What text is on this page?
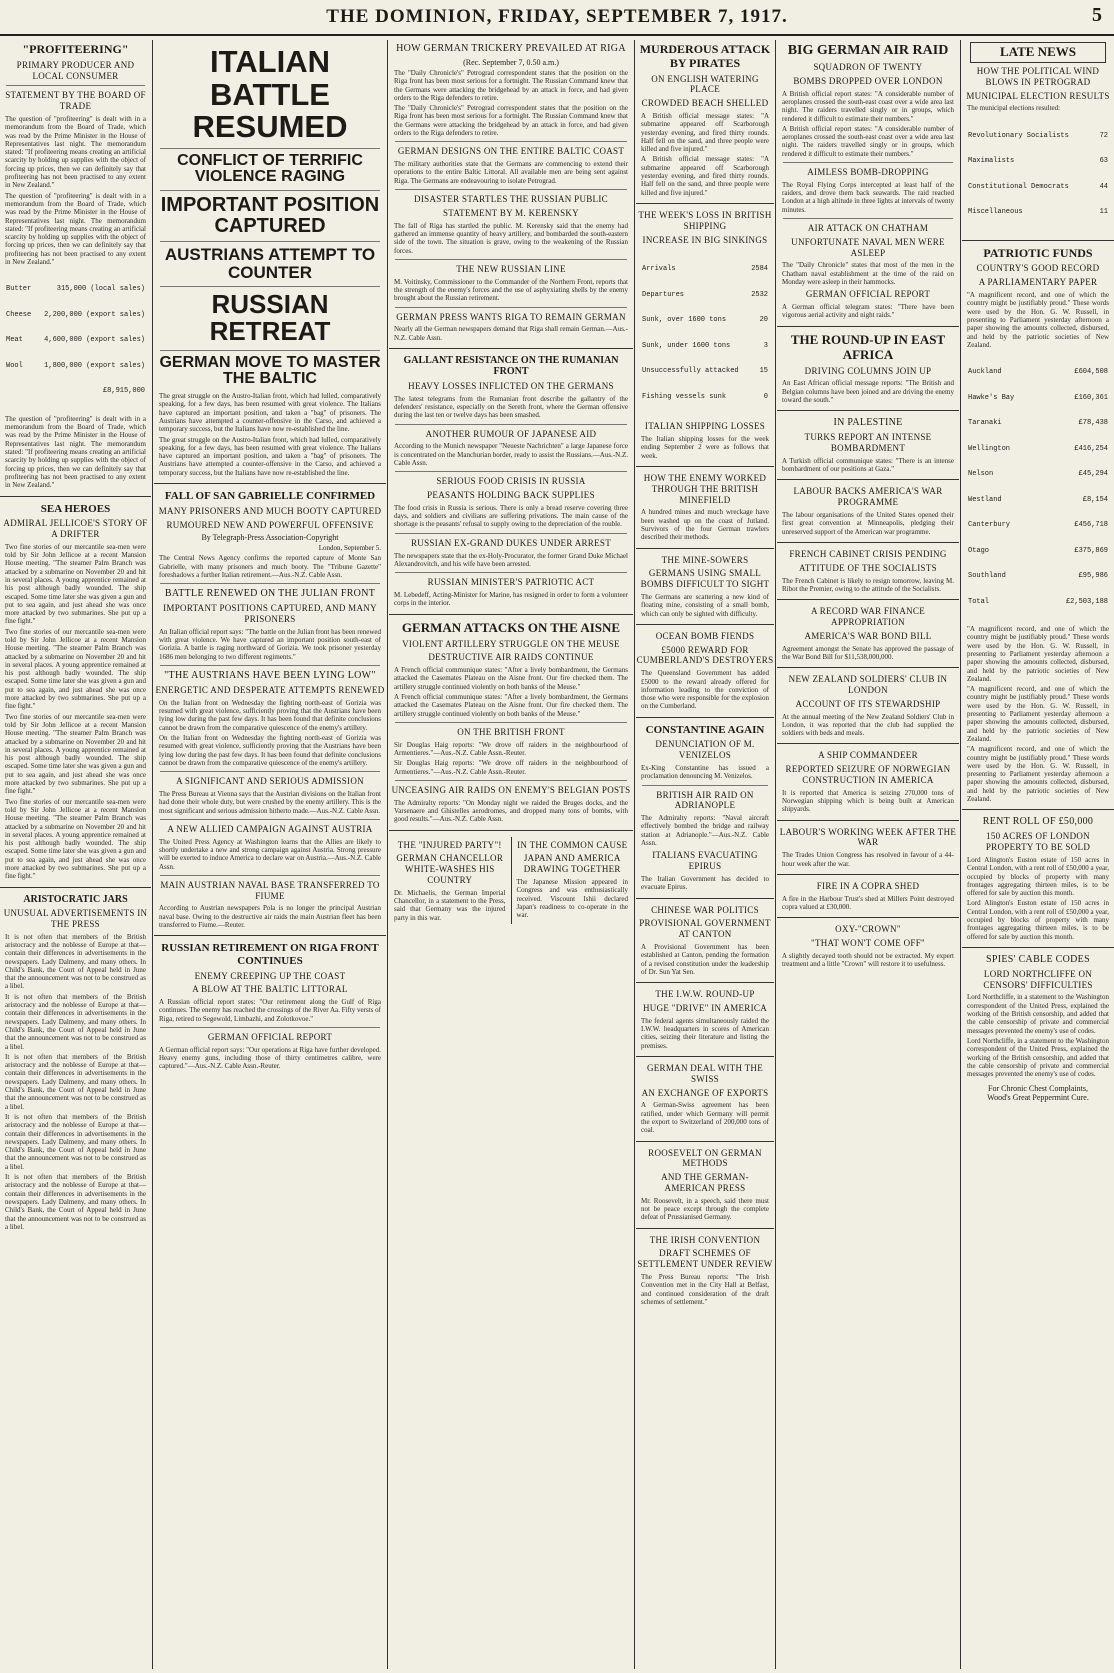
THE DOMINION, FRIDAY, SEPTEMBER 7, 1917.	5
"PROFITEERING"
PRIMARY PRODUCER AND LOCAL CONSUMER
STATEMENT BY THE BOARD OF TRADE
The question of "profiteering" is dealt with in a memorandum from the Board of Trade, which was read by the Prime Minister in the House of Representatives last night. The memorandum stated: "If profiteering means creating an artificial scarcity by holding up supplies with the object of forcing up prices, then we can definitely say that profiteering has not been practised to any extent in New Zealand."
The question of "profiteering" is dealt with in a memorandum from the Board of Trade, which was read by the Prime Minister in the House of Representatives last night. The memorandum stated: "If profiteering means creating an artificial scarcity by holding up supplies with the object of forcing up prices, then we can definitely say that profiteering has not been practised to any extent in New Zealand."

Butter	315,000 (local sales)

Cheese 2,200,000 (export sales)

Meat	4,600,000 (export sales)

Wool	1,800,000 (export sales)

£8,915,000

The question of "profiteering" is dealt with in a memorandum from the Board of Trade, which was read by the Prime Minister in the House of Representatives last night. The memorandum stated: "If profiteering means creating an artificial scarcity by holding up supplies with the object of forcing up prices, then we can definitely say that profiteering has not been practised to any extent in New Zealand."
SEA HEROES
ADMIRAL JELLICOE'S STORY OF A DRIFTER
Two fine stories of our mercantile sea-men were told by Sir John Jellicoe at a recent Mansion House meeting. "The steamer Palm Branch was attacked by a submarine on November 20 and hit in several places. A young apprentice remained at his post although badly wounded. The ship escaped. Some time later she was given a gun and put to sea again, and just ahead she was once more attacked by two submarines. She put up a fine fight."
Two fine stories of our mercantile sea-men were told by Sir John Jellicoe at a recent Mansion House meeting. "The steamer Palm Branch was attacked by a submarine on November 20 and hit in several places. A young apprentice remained at his post although badly wounded. The ship escaped. Some time later she was given a gun and put to sea again, and just ahead she was once more attacked by two submarines. She put up a fine fight."
Two fine stories of our mercantile sea-men were told by Sir John Jellicoe at a recent Mansion House meeting. "The steamer Palm Branch was attacked by a submarine on November 20 and hit in several places. A young apprentice remained at his post although badly wounded. The ship escaped. Some time later she was given a gun and put to sea again, and just ahead she was once more attacked by two submarines. She put up a fine fight."
Two fine stories of our mercantile sea-men were told by Sir John Jellicoe at a recent Mansion House meeting. "The steamer Palm Branch was attacked by a submarine on November 20 and hit in several places. A young apprentice remained at his post although badly wounded. The ship escaped. Some time later she was given a gun and put to sea again, and just ahead she was once more attacked by two submarines. She put up a fine fight."
ARISTOCRATIC JARS
UNUSUAL ADVERTISEMENTS IN THE PRESS
It is not often that members of the British aristocracy and the noblesse of Europe at that—contain their differences in advertisements in the newspapers. Lady Dalmeny, and many others. In Child's Bank, the Court of Appeal held in June that the announcement was not to be construed as a libel.
It is not often that members of the British aristocracy and the noblesse of Europe at that—contain their differences in advertisements in the newspapers. Lady Dalmeny, and many others. In Child's Bank, the Court of Appeal held in June that the announcement was not to be construed as a libel.
It is not often that members of the British aristocracy and the noblesse of Europe at that—contain their differences in advertisements in the newspapers. Lady Dalmeny, and many others. In Child's Bank, the Court of Appeal held in June that the announcement was not to be construed as a libel.
It is not often that members of the British aristocracy and the noblesse of Europe at that—contain their differences in advertisements in the newspapers. Lady Dalmeny, and many others. In Child's Bank, the Court of Appeal held in June that the announcement was not to be construed as a libel.
It is not often that members of the British aristocracy and the noblesse of Europe at that—contain their differences in advertisements in the newspapers. Lady Dalmeny, and many others. In Child's Bank, the Court of Appeal held in June that the announcement was not to be construed as a libel.
ITALIAN BATTLE RESUMED
CONFLICT OF TERRIFIC VIOLENCE RAGING
IMPORTANT POSITION CAPTURED
AUSTRIANS ATTEMPT TO COUNTER
RUSSIAN RETREAT
GERMAN MOVE TO MASTER THE BALTIC
The great struggle on the Austro-Italian front, which had lulled, comparatively speaking, for a few days, has been resumed with great violence. The Italians have captured an important position, and taken a "bag" of prisoners. The Austrians have attempted a counter-offensive in the Carso, and achieved a temporary success, but the Italians have now re-established the line.
The great struggle on the Austro-Italian front, which had lulled, comparatively speaking, for a few days, has been resumed with great violence. The Italians have captured an important position, and taken a "bag" of prisoners. The Austrians have attempted a counter-offensive in the Carso, and achieved a temporary success, but the Italians have now re-established the line.
FALL OF SAN GABRIELLE CONFIRMED
MANY PRISONERS AND MUCH BOOTY CAPTURED
RUMOURED NEW AND POWERFUL OFFENSIVE
By Telegraph-Press Association-Copyright
London, September 5.
The Central News Agency confirms the reported capture of Monte San Gabrielle, with many prisoners and much booty. The "Tribune Gazette" foreshadows a further Italian retirement.—Aus.-N.Z. Cable Assn.
BATTLE RENEWED ON THE JULIAN FRONT
IMPORTANT POSITIONS CAPTURED, AND MANY PRISONERS
An Italian official report says: "The battle on the Julian front has been renewed with great violence. We have captured an important position south-east of Gorizia. A battle is raging northward of Gorizia. We took prisoner yesterday 1686 men belonging to two different regiments."
"THE AUSTRIANS HAVE BEEN LYING LOW"
ENERGETIC AND DESPERATE ATTEMPTS RENEWED
On the Italian front on Wednesday the fighting north-east of Gorizia was resumed with great violence, sufficiently proving that the Austrians have been lying low during the past few days. It has been found that definite conclusions cannot be drawn from the comparative quiescence of the enemy's artillery.
On the Italian front on Wednesday the fighting north-east of Gorizia was resumed with great violence, sufficiently proving that the Austrians have been lying low during the past few days. It has been found that definite conclusions cannot be drawn from the comparative quiescence of the enemy's artillery.
A SIGNIFICANT AND SERIOUS ADMISSION
The Press Bureau at Vienna says that the Austrian divisions on the Italian front had done their whole duty, but were crushed by the enemy artillery. This is the most significant and serious admission hitherto made.—Aus.-N.Z. Cable Assn.
A NEW ALLIED CAMPAIGN AGAINST AUSTRIA
The United Press Agency at Washington learns that the Allies are likely to shortly undertake a new and strong campaign against Austria. Strong pressure will be exerted to induce America to declare war on Austria.—Aus.-N.Z. Cable Assn.
MAIN AUSTRIAN NAVAL BASE TRANSFERRED TO FIUME
According to Austrian newspapers Pola is no longer the principal Austrian naval base. Owing to the destructive air raids the main Austrian fleet has been transferred to Fiume.—Reuter.
RUSSIAN RETIREMENT ON RIGA FRONT CONTINUES
ENEMY CREEPING UP THE COAST
A BLOW AT THE BALTIC LITTORAL
A Russian official report states: "Our retirement along the Gulf of Riga continues. The enemy has reached the crossings of the River Aa. Fifty versts of Riga, retired to Segewold, Limbazhi, and Zolotkovoe."
GERMAN OFFICIAL REPORT
A German official report says: "Our operations at Riga have further developed. Heavy enemy guns, including those of thirty centimetres calibre, were captured."—Aus.-N.Z. Cable Assn.-Reuter.
HOW GERMAN TRICKERY PREVAILED AT RIGA
(Rec. September 7, 0.50 a.m.)
The "Daily Chronicle's" Petrograd correspondent states that the position on the Riga front has been most serious for a fortnight. The Russian Command knew that the Germans were attacking the bridgehead by an attack in force, and had given orders to the Riga defenders to retire.
The "Daily Chronicle's" Petrograd correspondent states that the position on the Riga front has been most serious for a fortnight. The Russian Command knew that the Germans were attacking the bridgehead by an attack in force, and had given orders to the Riga defenders to retire.
GERMAN DESIGNS ON THE ENTIRE BALTIC COAST
The military authorities state that the Germans are commencing to extend their operations to the entire Baltic Littoral. All available men are being sent against Riga. The Germans are endeavouring to isolate Petrograd.
DISASTER STARTLES THE RUSSIAN PUBLIC
STATEMENT BY M. KERENSKY
The fall of Riga has startled the public. M. Kerensky said that the enemy had gathered an immense quantity of heavy artillery, and bombarded the south-eastern side of the town. The situation is grave, owing to the weakening of the Russian forces.
THE NEW RUSSIAN LINE
M. Voitinsky, Commissioner to the Commander of the Northern Front, reports that the strength of the enemy's forces and the use of asphyxiating shells by the enemy brought about the Russian retirement.
GERMAN PRESS WANTS RIGA TO REMAIN GERMAN
Nearly all the German newspapers demand that Riga shall remain German.—Aus.-N.Z. Cable Assn.
GALLANT RESISTANCE ON THE RUMANIAN FRONT
HEAVY LOSSES INFLICTED ON THE GERMANS
The latest telegrams from the Rumanian front describe the gallantry of the defenders' resistance, especially on the Sereth front, where the German offensive during the last ten or twelve days has been smashed.
ANOTHER RUMOUR OF JAPANESE AID
According to the Munich newspaper "Neueste Nachrichten" a large Japanese force is concentrated on the Manchurian border, ready to assist the Russians.—Aus.-N.Z. Cable Assn.
SERIOUS FOOD CRISIS IN RUSSIA
PEASANTS HOLDING BACK SUPPLIES
The food crisis in Russia is serious. There is only a bread reserve covering three days, and soldiers and civilians are suffering privations. The main cause of the shortage is the peasants' refusal to supply owing to the depreciation of the rouble.
RUSSIAN EX-GRAND DUKES UNDER ARREST
The newspapers state that the ex-Holy-Procurator, the former Grand Duke Michael Alexandrovitch, and his wife have been arrested.
RUSSIAN MINISTER'S PATRIOTIC ACT
M. Lebedeff, Acting-Minister for Marine, has resigned in order to form a volunteer corps in the interior.
GERMAN ATTACKS ON THE AISNE
VIOLENT ARTILLERY STRUGGLE ON THE MEUSE
DESTRUCTIVE AIR RAIDS CONTINUE
A French official communique states: "After a lively bombardment, the Germans attacked the Casemates Plateau on the Aisne front. Our fire checked them. The artillery struggle continued violently on both banks of the Meuse."
A French official communique states: "After a lively bombardment, the Germans attacked the Casemates Plateau on the Aisne front. Our fire checked them. The artillery struggle continued violently on both banks of the Meuse."
ON THE BRITISH FRONT
Sir Douglas Haig reports: "We drove off raiders in the neighbourhood of Armentieres."—Aus.-N.Z. Cable Assn.-Reuter.
Sir Douglas Haig reports: "We drove off raiders in the neighbourhood of Armentieres."—Aus.-N.Z. Cable Assn.-Reuter.
UNCEASING AIR RAIDS ON ENEMY'S BELGIAN POSTS
The Admiralty reports: "On Monday night we raided the Bruges docks, and the Varsenaere and Ghistelles aerodromes, and dropped many tons of bombs, with good results."—Aus.-N.Z. Cable Assn.
THE "INJURED PARTY"!
GERMAN CHANCELLOR WHITE-WASHES HIS COUNTRY
Dr. Michaelis, the German Imperial Chancellor, in a statement to the Press, said that Germany was the injured party in this war.
IN THE COMMON CAUSE
JAPAN AND AMERICA DRAWING TOGETHER
The Japanese Mission appeared in Congress and was enthusiastically received. Viscount Ishii declared Japan's readiness to co-operate in the war.
MURDEROUS ATTACK BY PIRATES
ON ENGLISH WATERING PLACE
CROWDED BEACH SHELLED
A British official message states: "A submarine appeared off Scarborough yesterday evening, and fired thirty rounds. Half fell on the sand, and three people were killed and five injured."
A British official message states: "A submarine appeared off Scarborough yesterday evening, and fired thirty rounds. Half fell on the sand, and three people were killed and five injured."
THE WEEK'S LOSS IN BRITISH SHIPPING
INCREASE IN BIG SINKINGS

Arrivals	2584

Departures	2532

Sunk, over 1600 tons	20

Sunk, under 1600 tons	3

Unsuccessfully attacked	15

Fishing vessels sunk	0

ITALIAN SHIPPING LOSSES
The Italian shipping losses for the week ending September 2 were as follows that week.
HOW THE ENEMY WORKED THROUGH THE BRITISH MINEFIELD
A hundred mines and much wreckage have been washed up on the coast of Jutland. Survivors of the four German trawlers described their methods.
THE MINE-SOWERS
GERMANS USING SMALL BOMBS DIFFICULT TO SIGHT
The Germans are scattering a new kind of floating mine, consisting of a small bomb, which can only be sighted with difficulty.
OCEAN BOMB FIENDS
£5000 REWARD FOR CUMBERLAND'S DESTROYERS
The Queensland Government has added £5000 to the reward already offered for information leading to the conviction of those who were responsible for the explosion on the Cumberland.
CONSTANTINE AGAIN
DENUNCIATION OF M. VENIZELOS
Ex-King Constantine has issued a proclamation denouncing M. Venizelos.
BRITISH AIR RAID ON ADRIANOPLE
The Admiralty reports: "Naval aircraft effectively bombed the bridge and railway station at Adrianople."—Aus.-N.Z. Cable Assn.
ITALIANS EVACUATING EPIRUS
The Italian Government has decided to evacuate Epirus.
CHINESE WAR POLITICS
PROVISIONAL GOVERNMENT AT CANTON
A Provisional Government has been established at Canton, pending the formation of a revised constitution under the leadership of Dr. Sun Yat Sen.
THE I.W.W. ROUND-UP
HUGE "DRIVE" IN AMERICA
The federal agents simultaneously raided the I.W.W. headquarters in scores of American cities, seizing their literature and listing the premises.
GERMAN DEAL WITH THE SWISS
AN EXCHANGE OF EXPORTS
A German-Swiss agreement has been ratified, under which Germany will permit the export to Switzerland of 200,000 tons of coal.
ROOSEVELT ON GERMAN METHODS
AND THE GERMAN-AMERICAN PRESS
Mr. Roosevelt, in a speech, said there must not be peace except through the complete defeat of Prussianised Germany.
THE IRISH CONVENTION
DRAFT SCHEMES OF SETTLEMENT UNDER REVIEW
The Press Bureau reports: "The Irish Convention met in the City Hall at Belfast, and continued consideration of the draft schemes of settlement."
BIG GERMAN AIR RAID
SQUADRON OF TWENTY
BOMBS DROPPED OVER LONDON
A British official report states: "A considerable number of aeroplanes crossed the south-east coast over a wide area last night. The raiders travelled singly or in groups, which rendered it difficult to estimate their numbers."
A British official report states: "A considerable number of aeroplanes crossed the south-east coast over a wide area last night. The raiders travelled singly or in groups, which rendered it difficult to estimate their numbers."
AIMLESS BOMB-DROPPING
The Royal Flying Corps intercepted at least half of the raiders, and drove them back seawards. The raid reached London at a high altitude in three lights at intervals of twenty minutes.
AIR ATTACK ON CHATHAM
UNFORTUNATE NAVAL MEN WERE ASLEEP
The "Daily Chronicle" states that most of the men in the Chatham naval establishment at the time of the raid on Monday were asleep in their hammocks.
GERMAN OFFICIAL REPORT
A German official telegram states: "There have been vigorous aerial activity and night raids."
THE ROUND-UP IN EAST AFRICA
DRIVING COLUMNS JOIN UP
An East African official message reports: "The British and Belgian columns have been joined and are driving the enemy toward the south."
IN PALESTINE
TURKS REPORT AN INTENSE BOMBARDMENT
A Turkish official communique states: "There is an intense bombardment of our positions at Gaza."
LABOUR BACKS AMERICA'S WAR PROGRAMME
The labour organisations of the United States opened their first great convention at Minneapolis, pledging their unreserved support of the American war programme.
FRENCH CABINET CRISIS PENDING
ATTITUDE OF THE SOCIALISTS
The French Cabinet is likely to resign tomorrow, leaving M. Ribot the Premier, owing to the attitude of the Socialists.
A RECORD WAR FINANCE APPROPRIATION
AMERICA'S WAR BOND BILL
Agreement amongst the Senate has approved the passage of the War Bond Bill for $11,538,000,000.
NEW ZEALAND SOLDIERS' CLUB IN LONDON
ACCOUNT OF ITS STEWARDSHIP
At the annual meeting of the New Zealand Soldiers' Club in London, it was reported that the club had supplied the soldiers with beds and meals.
A SHIP COMMANDEER
REPORTED SEIZURE OF NORWEGIAN CONSTRUCTION IN AMERICA
It is reported that America is seizing 270,000 tons of Norwegian shipping which is being built at American shipyards.
LABOUR'S WORKING WEEK AFTER THE WAR
The Trades Union Congress has resolved in favour of a 44-hour week after the war.
FIRE IN A COPRA SHED
A fire in the Harbour Trust's shed at Millers Point destroyed copra valued at £30,000.
OXY-"CROWN"
"THAT WON'T COME OFF"
A slightly decayed tooth should not be extracted. My expert treatment and a little "Crown" will restore it to usefulness.
LATE NEWS
HOW THE POLITICAL WIND BLOWS IN PETROGRAD
MUNICIPAL ELECTION RESULTS
The municipal elections resulted:

Revolutionary Socialists	72

Maximalists	63

Constitutional Democrats	44

Miscellaneous	11

PATRIOTIC FUNDS
COUNTRY'S GOOD RECORD
A PARLIAMENTARY PAPER
"A magnificent record, and one of which the country might be justifiably proud." These words were used by the Hon. G. W. Russell, in presenting to Parliament yesterday afternoon a paper showing the amounts collected, disbursed, and held by the patriotic societies of New Zealand.

Auckland	£604,508

Hawke's Bay	£160,361

Taranaki	£78,438

Wellington	£416,254

Nelson	£45,294

Westland	£8,154

Canterbury	£456,718

Otago	£375,869

Southland	£95,986

Total	£2,503,188

"A magnificent record, and one of which the country might be justifiably proud." These words were used by the Hon. G. W. Russell, in presenting to Parliament yesterday afternoon a paper showing the amounts collected, disbursed, and held by the patriotic societies of New Zealand.
"A magnificent record, and one of which the country might be justifiably proud." These words were used by the Hon. G. W. Russell, in presenting to Parliament yesterday afternoon a paper showing the amounts collected, disbursed, and held by the patriotic societies of New Zealand.
"A magnificent record, and one of which the country might be justifiably proud." These words were used by the Hon. G. W. Russell, in presenting to Parliament yesterday afternoon a paper showing the amounts collected, disbursed, and held by the patriotic societies of New Zealand.
RENT ROLL OF £50,000
150 ACRES OF LONDON PROPERTY TO BE SOLD
Lord Alington's Euston estate of 150 acres in Central London, with a rent roll of £50,000 a year, occupied by blocks of property with many frontages aggregating thirteen miles, is to be offered for sale by auction this month.
Lord Alington's Euston estate of 150 acres in Central London, with a rent roll of £50,000 a year, occupied by blocks of property with many frontages aggregating thirteen miles, is to be offered for sale by auction this month.
SPIES' CABLE CODES
LORD NORTHCLIFFE ON CENSORS' DIFFICULTIES
Lord Northcliffe, in a statement to the Washington correspondent of the United Press, explained the working of the British censorship, and added that the cable censorship of private and commercial messages prevented the enemy's use of codes.
Lord Northcliffe, in a statement to the Washington correspondent of the United Press, explained the working of the British censorship, and added that the cable censorship of private and commercial messages prevented the enemy's use of codes.
For Chronic Chest Complaints,
Wood's Great Peppermint Cure.
